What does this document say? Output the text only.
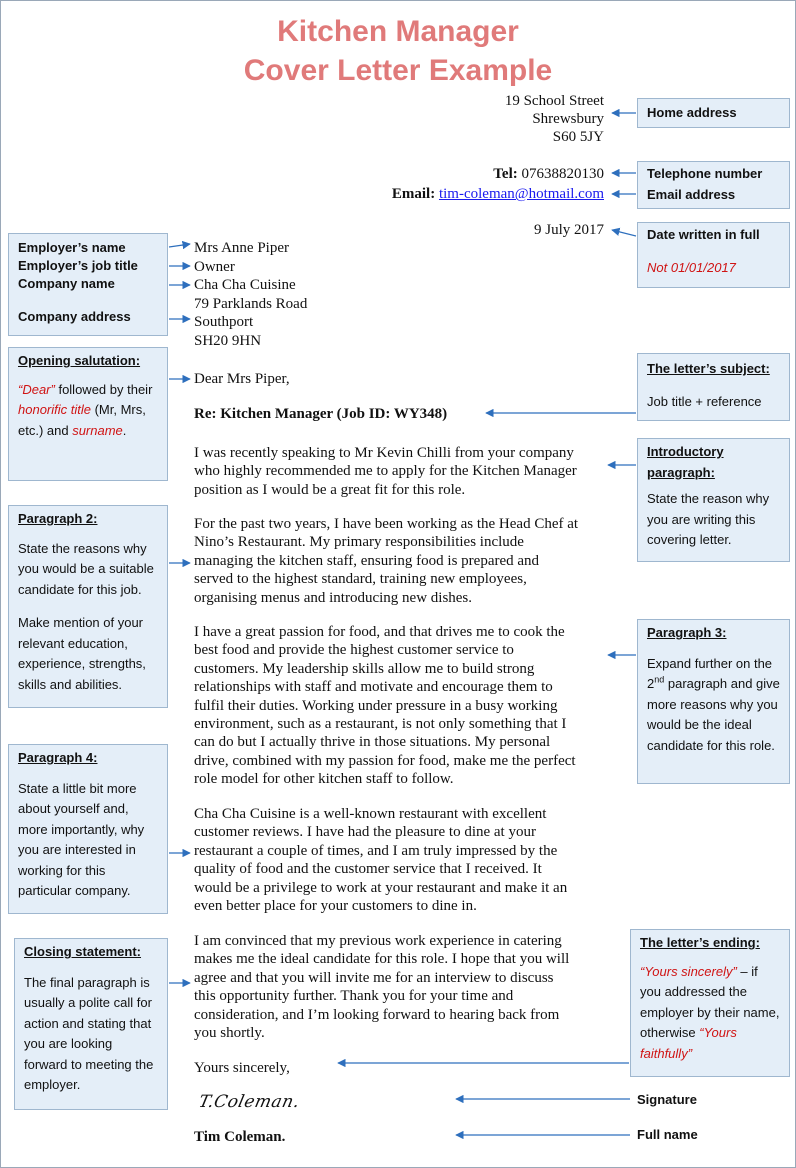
Kitchen Manager
Cover Letter Example
19 School Street
Shrewsbury
S60 5JY
Tel: 07638820130
Email: tim-coleman@hotmail.com
9 July 2017
Mrs Anne Piper
Owner
Cha Cha Cuisine
79 Parklands Road
Southport
SH20 9HN
Dear Mrs Piper,
Re: Kitchen Manager (Job ID: WY348)
I was recently speaking to Mr Kevin Chilli from your company
who highly recommended me to apply for the Kitchen Manager
position as I would be a great fit for this role.
For the past two years, I have been working as the Head Chef at
Nino’s Restaurant. My primary responsibilities include
managing the kitchen staff, ensuring food is prepared and
served to the highest standard, training new employees,
organising menus and introducing new dishes.
I have a great passion for food, and that drives me to cook the
best food and provide the highest customer service to
customers. My leadership skills allow me to build strong
relationships with staff and motivate and encourage them to
fulfil their duties. Working under pressure in a busy working
environment, such as a restaurant, is not only something that I
can do but I actually thrive in those situations. My personal
drive, combined with my passion for food, make me the perfect
role model for other kitchen staff to follow.
Cha Cha Cuisine is a well-known restaurant with excellent
customer reviews. I have had the pleasure to dine at your
restaurant a couple of times, and I am truly impressed by the
quality of food and the customer service that I received. It
would be a privilege to work at your restaurant and make it an
even better place for your customers to dine in.
I am convinced that my previous work experience in catering
makes me the ideal candidate for this role. I hope that you will
agree and that you will invite me for an interview to discuss
this opportunity further. Thank you for your time and
consideration, and I’m looking forward to hearing back from
you shortly.
Yours sincerely,
T.Coleman.
Tim Coleman.
Home address
Telephone number
Email address
Date written in full
Not 01/01/2017
The letter’s subject:
Job title + reference
Introductory paragraph:
State the reason why you are writing this covering letter.
Paragraph 3:
Expand further on the 2nd paragraph and give more reasons why you would be the ideal candidate for this role.
The letter’s ending:
“Yours sincerely” – if you addressed the employer by their name, otherwise “Yours faithfully”
Signature
Full name
Employer’s name
Employer’s job title
Company name
Company address
Opening salutation:
“Dear” followed by their honorific title (Mr, Mrs, etc.) and surname.
Paragraph 2:
State the reasons why you would be a suitable candidate for this job.
Make mention of your relevant education, experience, strengths, skills and abilities.
Paragraph 4:
State a little bit more about yourself and, more importantly, why you are interested in working for this particular company.
Closing statement:
The final paragraph is usually a polite call for action and stating that you are looking forward to meeting the employer.
